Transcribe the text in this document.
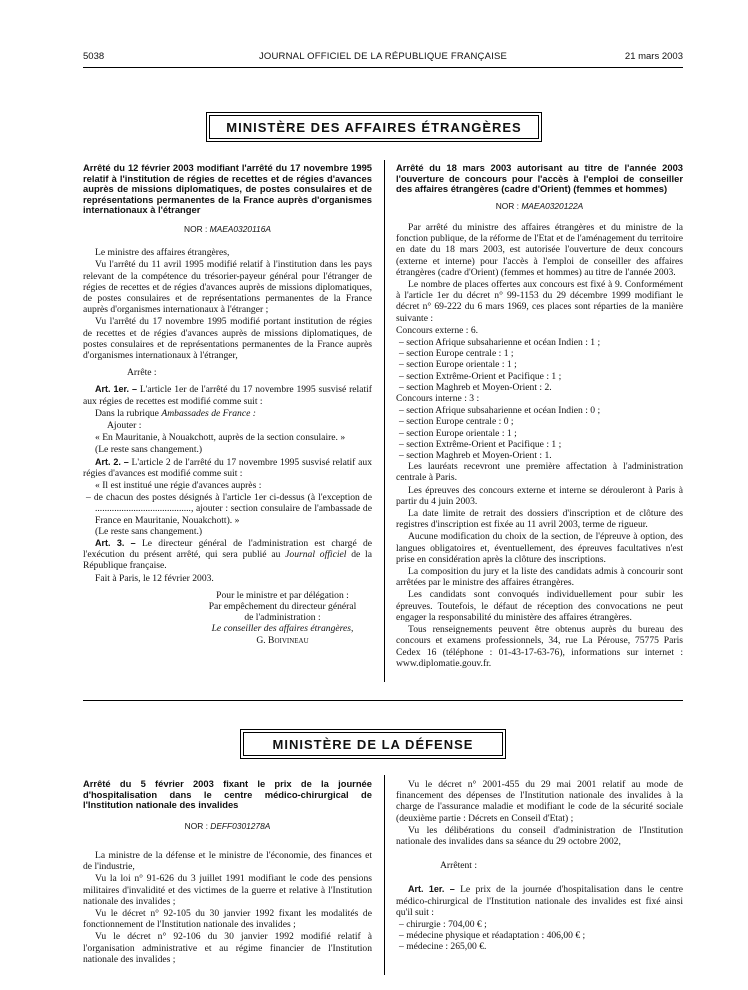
5038	JOURNAL OFFICIEL DE LA RÉPUBLIQUE FRANÇAISE	21 mars 2003
MINISTÈRE DES AFFAIRES ÉTRANGÈRES
Arrêté du 12 février 2003 modifiant l'arrêté du 17 novembre 1995 relatif à l'institution de régies de recettes et de régies d'avances auprès de missions diplomatiques, de postes consulaires et de représentations permanentes de la France auprès d'organismes internationaux à l'étranger
NOR : MAEA0320116A
Le ministre des affaires étrangères,
Vu l'arrêté du 11 avril 1995 modifié relatif à l'institution dans les pays relevant de la compétence du trésorier-payeur général pour l'étranger de régies de recettes et de régies d'avances auprès de missions diplomatiques, de postes consulaires et de représentations permanentes de la France auprès d'organismes internationaux à l'étranger ;
Vu l'arrêté du 17 novembre 1995 modifié portant institution de régies de recettes et de régies d'avances auprès de missions diplomatiques, de postes consulaires et de représentations permanentes de la France auprès d'organismes internationaux à l'étranger,
Arrête :
Art. 1er. – L'article 1er de l'arrêté du 17 novembre 1995 susvisé relatif aux régies de recettes est modifié comme suit :
Dans la rubrique Ambassades de France :
Ajouter :
« En Mauritanie, à Nouakchott, auprès de la section consulaire. »
(Le reste sans changement.)
Art. 2. – L'article 2 de l'arrêté du 17 novembre 1995 susvisé relatif aux régies d'avances est modifié comme suit :
« Il est institué une régie d'avances auprès :
– de chacun des postes désignés à l'article 1er ci-dessus (à l'exception de ........................................, ajouter : section consulaire de l'ambassade de France en Mauritanie, Nouakchott). »
(Le reste sans changement.)
Art. 3. – Le directeur général de l'administration est chargé de l'exécution du présent arrêté, qui sera publié au Journal officiel de la République française.
Fait à Paris, le 12 février 2003.
Pour le ministre et par délégation :
Par empêchement du directeur général
de l'administration :
Le conseiller des affaires étrangères,
G. Boivineau
Arrêté du 18 mars 2003 autorisant au titre de l'année 2003 l'ouverture de concours pour l'accès à l'emploi de conseiller des affaires étrangères (cadre d'Orient) (femmes et hommes)
NOR : MAEA0320122A
Par arrêté du ministre des affaires étrangères et du ministre de la fonction publique, de la réforme de l'Etat et de l'aménagement du territoire en date du 18 mars 2003, est autorisée l'ouverture de deux concours (externe et interne) pour l'accès à l'emploi de conseiller des affaires étrangères (cadre d'Orient) (femmes et hommes) au titre de l'année 2003.
Le nombre de places offertes aux concours est fixé à 9. Conformément à l'article 1er du décret n° 99-1153 du 29 décembre 1999 modifiant le décret n° 69-222 du 6 mars 1969, ces places sont réparties de la manière suivante :
Concours externe : 6.
– section Afrique subsaharienne et océan Indien : 1 ;
– section Europe centrale : 1 ;
– section Europe orientale : 1 ;
– section Extrême-Orient et Pacifique : 1 ;
– section Maghreb et Moyen-Orient : 2.
Concours interne : 3 :
– section Afrique subsaharienne et océan Indien : 0 ;
– section Europe centrale : 0 ;
– section Europe orientale : 1 ;
– section Extrême-Orient et Pacifique : 1 ;
– section Maghreb et Moyen-Orient : 1.
Les lauréats recevront une première affectation à l'administration centrale à Paris.
Les épreuves des concours externe et interne se dérouleront à Paris à partir du 4 juin 2003.
La date limite de retrait des dossiers d'inscription et de clôture des registres d'inscription est fixée au 11 avril 2003, terme de rigueur.
Aucune modification du choix de la section, de l'épreuve à option, des langues obligatoires et, éventuellement, des épreuves facultatives n'est prise en considération après la clôture des inscriptions.
La composition du jury et la liste des candidats admis à concourir sont arrêtées par le ministre des affaires étrangères.
Les candidats sont convoqués individuellement pour subir les épreuves. Toutefois, le défaut de réception des convocations ne peut engager la responsabilité du ministère des affaires étrangères.
Tous renseignements peuvent être obtenus auprès du bureau des concours et examens professionnels, 34, rue La Pérouse, 75775 Paris Cedex 16 (téléphone : 01-43-17-63-76), informations sur internet : www.diplomatie.gouv.fr.
MINISTÈRE DE LA DÉFENSE
Arrêté du 5 février 2003 fixant le prix de la journée d'hospitalisation dans le centre médico-chirurgical de l'Institution nationale des invalides
NOR : DEFF0301278A
La ministre de la défense et le ministre de l'économie, des finances et de l'industrie,
Vu la loi n° 91-626 du 3 juillet 1991 modifiant le code des pensions militaires d'invalidité et des victimes de la guerre et relative à l'Institution nationale des invalides ;
Vu le décret n° 92-105 du 30 janvier 1992 fixant les modalités de fonctionnement de l'Institution nationale des invalides ;
Vu le décret n° 92-106 du 30 janvier 1992 modifié relatif à l'organisation administrative et au régime financier de l'Institution nationale des invalides ;
Vu le décret n° 2001-455 du 29 mai 2001 relatif au mode de financement des dépenses de l'Institution nationale des invalides à la charge de l'assurance maladie et modifiant le code de la sécurité sociale (deuxième partie : Décrets en Conseil d'Etat) ;
Vu les délibérations du conseil d'administration de l'Institution nationale des invalides dans sa séance du 29 octobre 2002,
Arrêtent :
Art. 1er. – Le prix de la journée d'hospitalisation dans le centre médico-chirurgical de l'Institution nationale des invalides est fixé ainsi qu'il suit :
– chirurgie : 704,00 € ;
– médecine physique et réadaptation : 406,00 € ;
– médecine : 265,00 €.
